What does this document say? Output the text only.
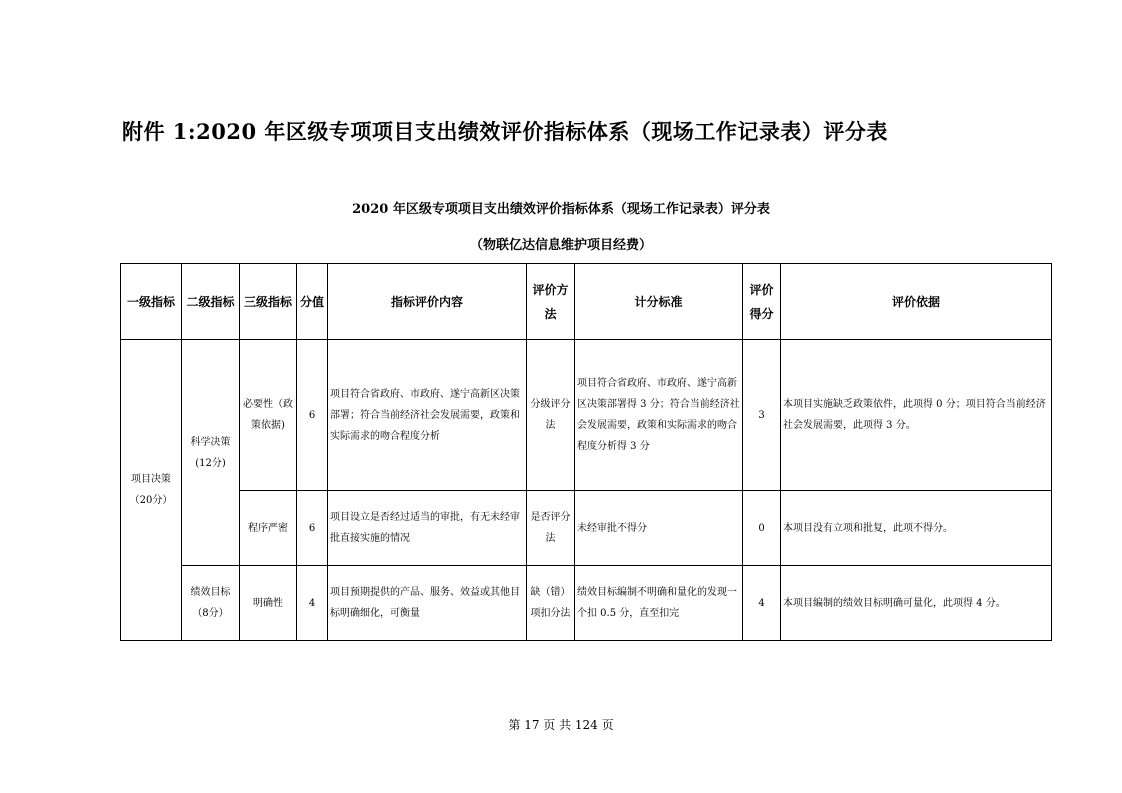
附件 1:2020 年区级专项项目支出绩效评价指标体系（现场工作记录表）评分表
2020 年区级专项项目支出绩效评价指标体系（现场工作记录表）评分表
（物联亿达信息维护项目经费）
一级指标	二级指标	三级指标	分值	指标评价内容	评价方法	计分标准	评价得分	评价依据
项目决策（20分）	科学决策(12分)	必要性（政策依据)	6	项目符合省政府、市政府、遂宁高新区决策部署；符合当前经济社会发展需要，政策和实际需求的吻合程度分析	分级评分法	项目符合省政府、市政府、遂宁高新区决策部署得 3 分；符合当前经济社会发展需要，政策和实际需求的吻合程度分析得 3 分	3	本项目实施缺乏政策依件，此项得 0 分；项目符合当前经济社会发展需要，此项得 3 分。
		程序严密	6	项目设立是否经过适当的审批，有无未经审批直接实施的情况	是否评分法	未经审批不得分	0	本项目没有立项和批复，此项不得分。
	绩效目标（8分）	明确性	4	项目预期提供的产品、服务、效益或其他目标明确细化，可衡量	缺（错）项扣分法	绩效目标编制不明确和量化的发现一个扣 0.5 分，直至扣完	4	本项目编制的绩效目标明确可量化，此项得 4 分。
第 17 页 共 124 页
